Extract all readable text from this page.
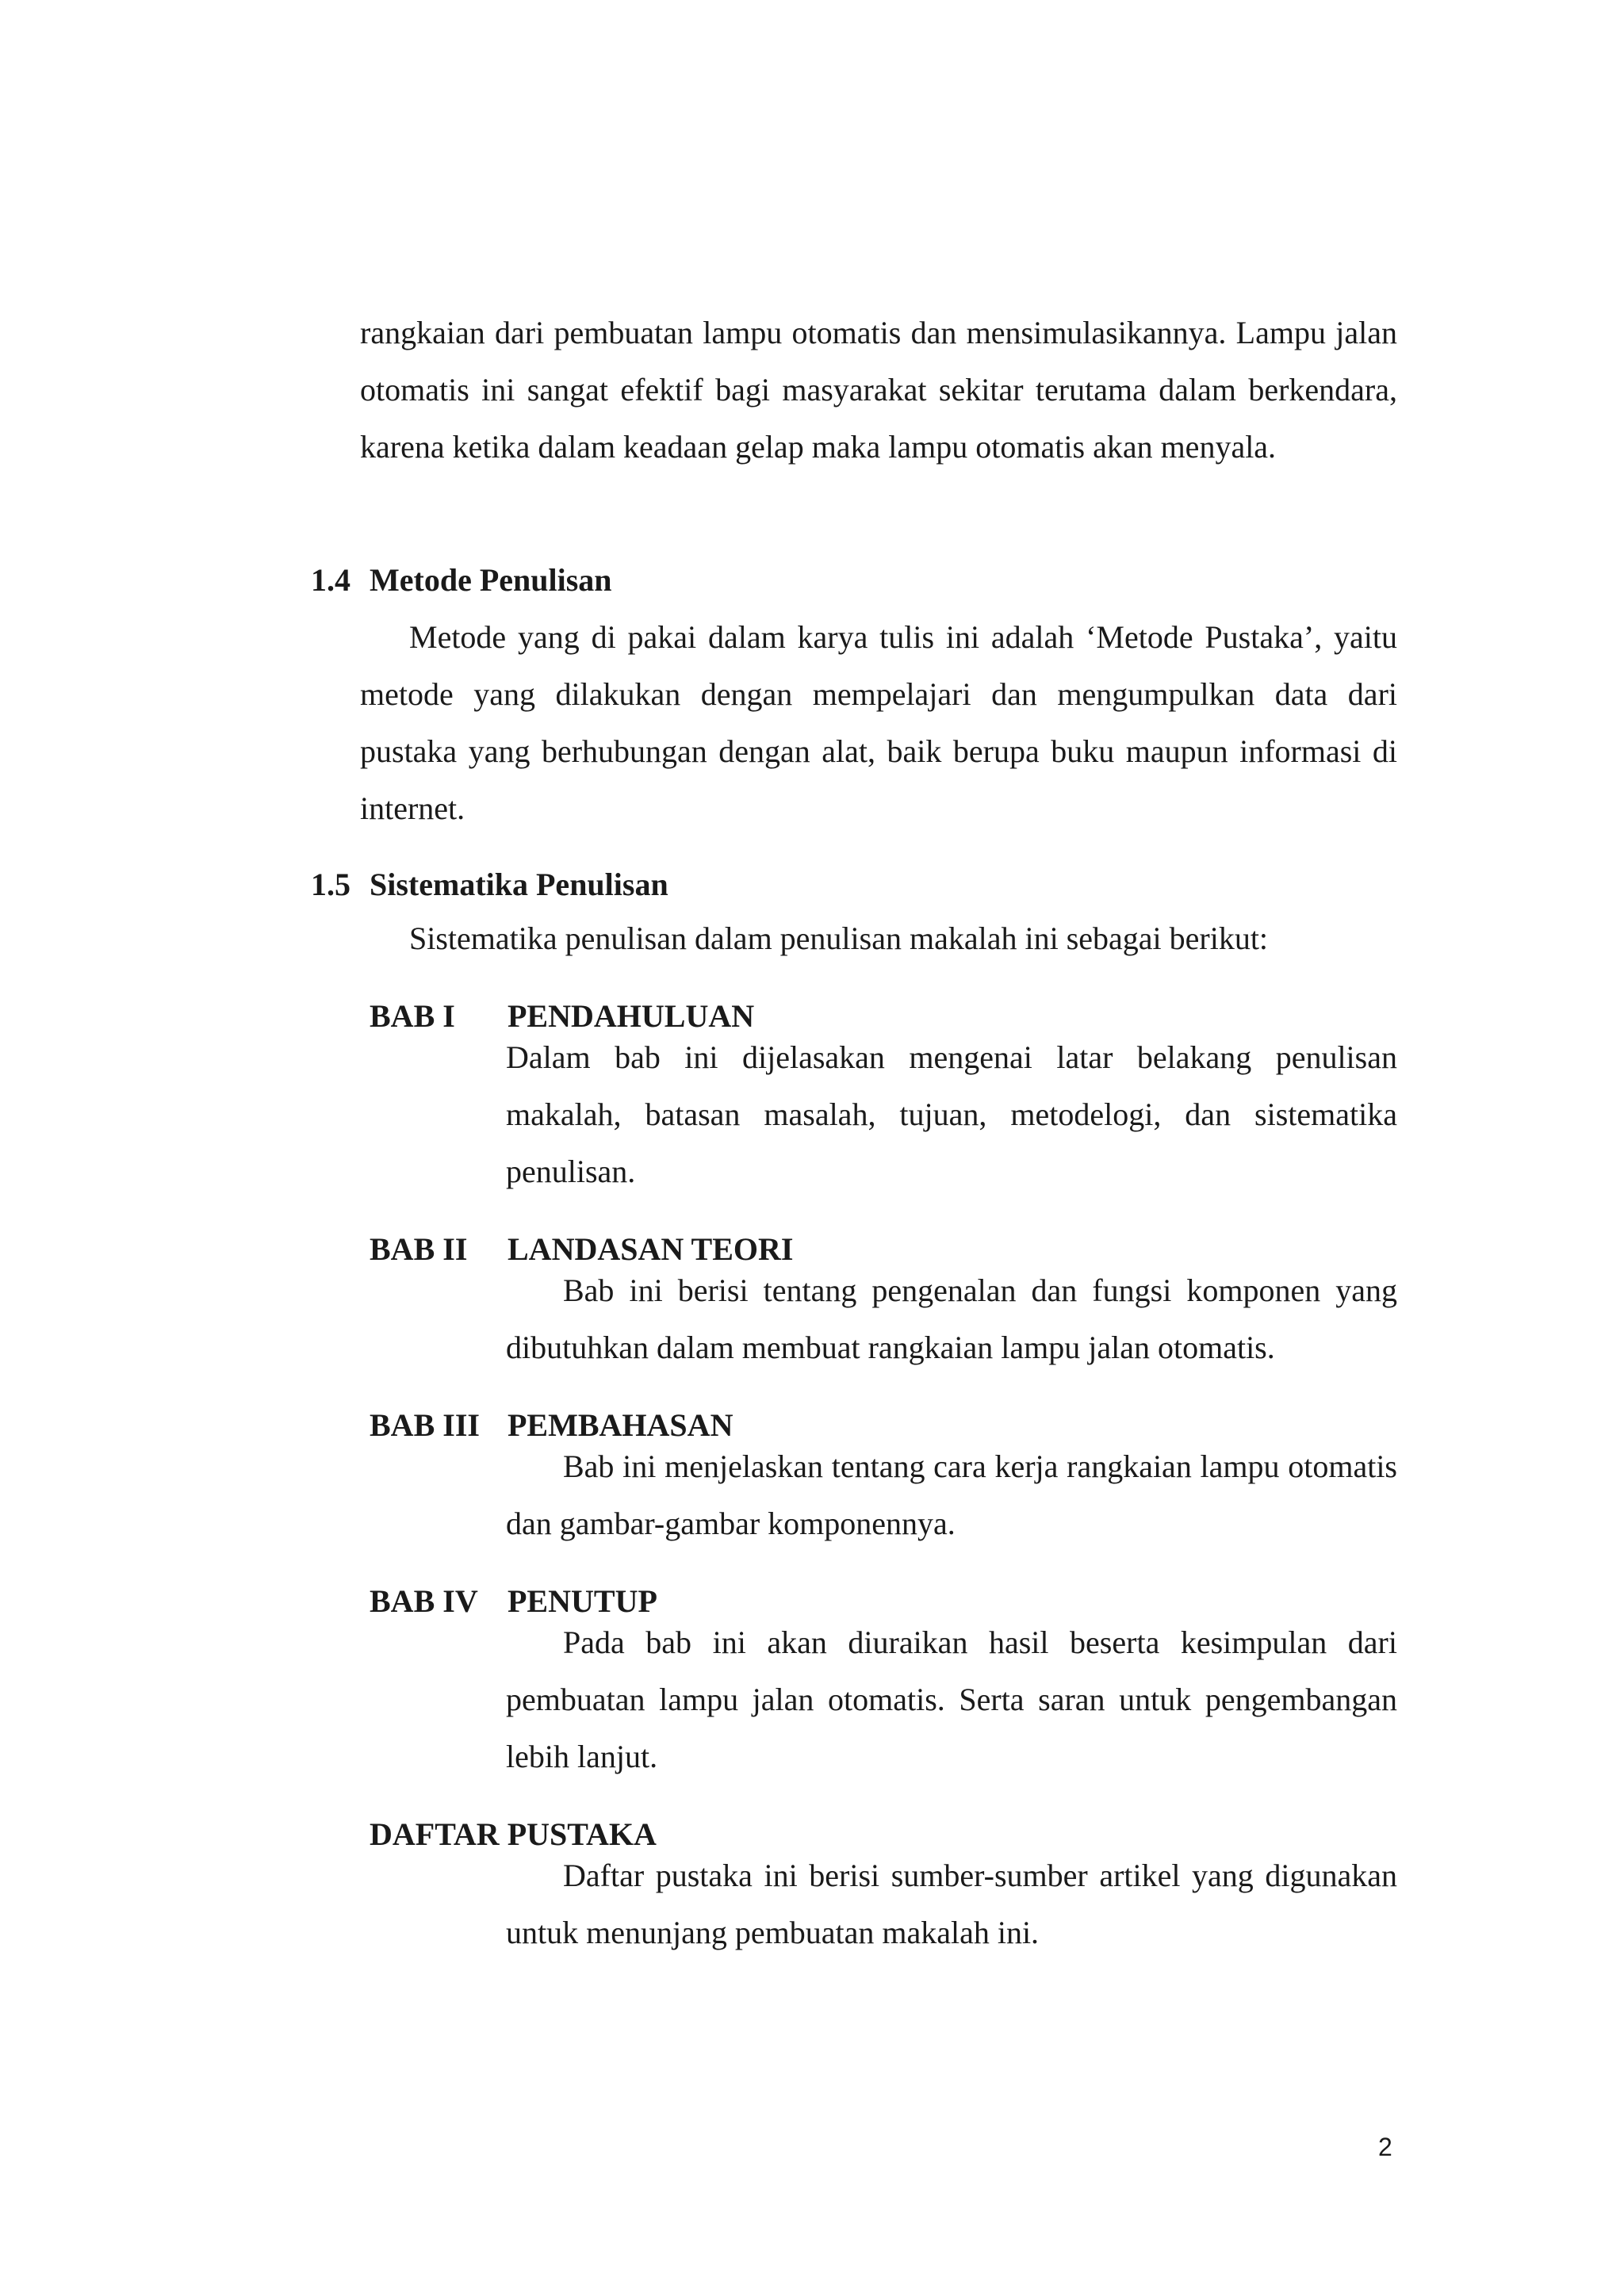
rangkaian dari pembuatan lampu otomatis dan mensimulasikannya. Lampu jalan otomatis ini sangat efektif bagi masyarakat sekitar terutama dalam berkendara, karena ketika dalam keadaan gelap maka lampu otomatis akan menyala.

1.4 Metode Penulisan

Metode yang di pakai dalam karya tulis ini adalah ‘Metode Pustaka’, yaitu metode yang dilakukan dengan mempelajari dan mengumpulkan data dari pustaka yang berhubungan dengan alat, baik berupa buku maupun informasi di internet.

1.5 Sistematika Penulisan

Sistematika penulisan dalam penulisan makalah ini sebagai berikut:

BAB I PENDAHULUAN

Dalam bab ini dijelasakan mengenai latar belakang penulisan makalah, batasan masalah, tujuan, metodelogi, dan sistematika penulisan.

BAB II LANDASAN TEORI

Bab ini berisi tentang pengenalan dan fungsi komponen yang dibutuhkan dalam membuat rangkaian lampu jalan otomatis.

BAB III PEMBAHASAN

Bab ini menjelaskan tentang cara kerja rangkaian lampu otomatis dan gambar-gambar komponennya.

BAB IV PENUTUP

Pada bab ini akan diuraikan hasil beserta kesimpulan dari pembuatan lampu jalan otomatis. Serta saran untuk pengembangan lebih lanjut.

DAFTAR PUSTAKA

Daftar pustaka ini berisi sumber-sumber artikel yang digunakan untuk menunjang pembuatan makalah ini.

2
